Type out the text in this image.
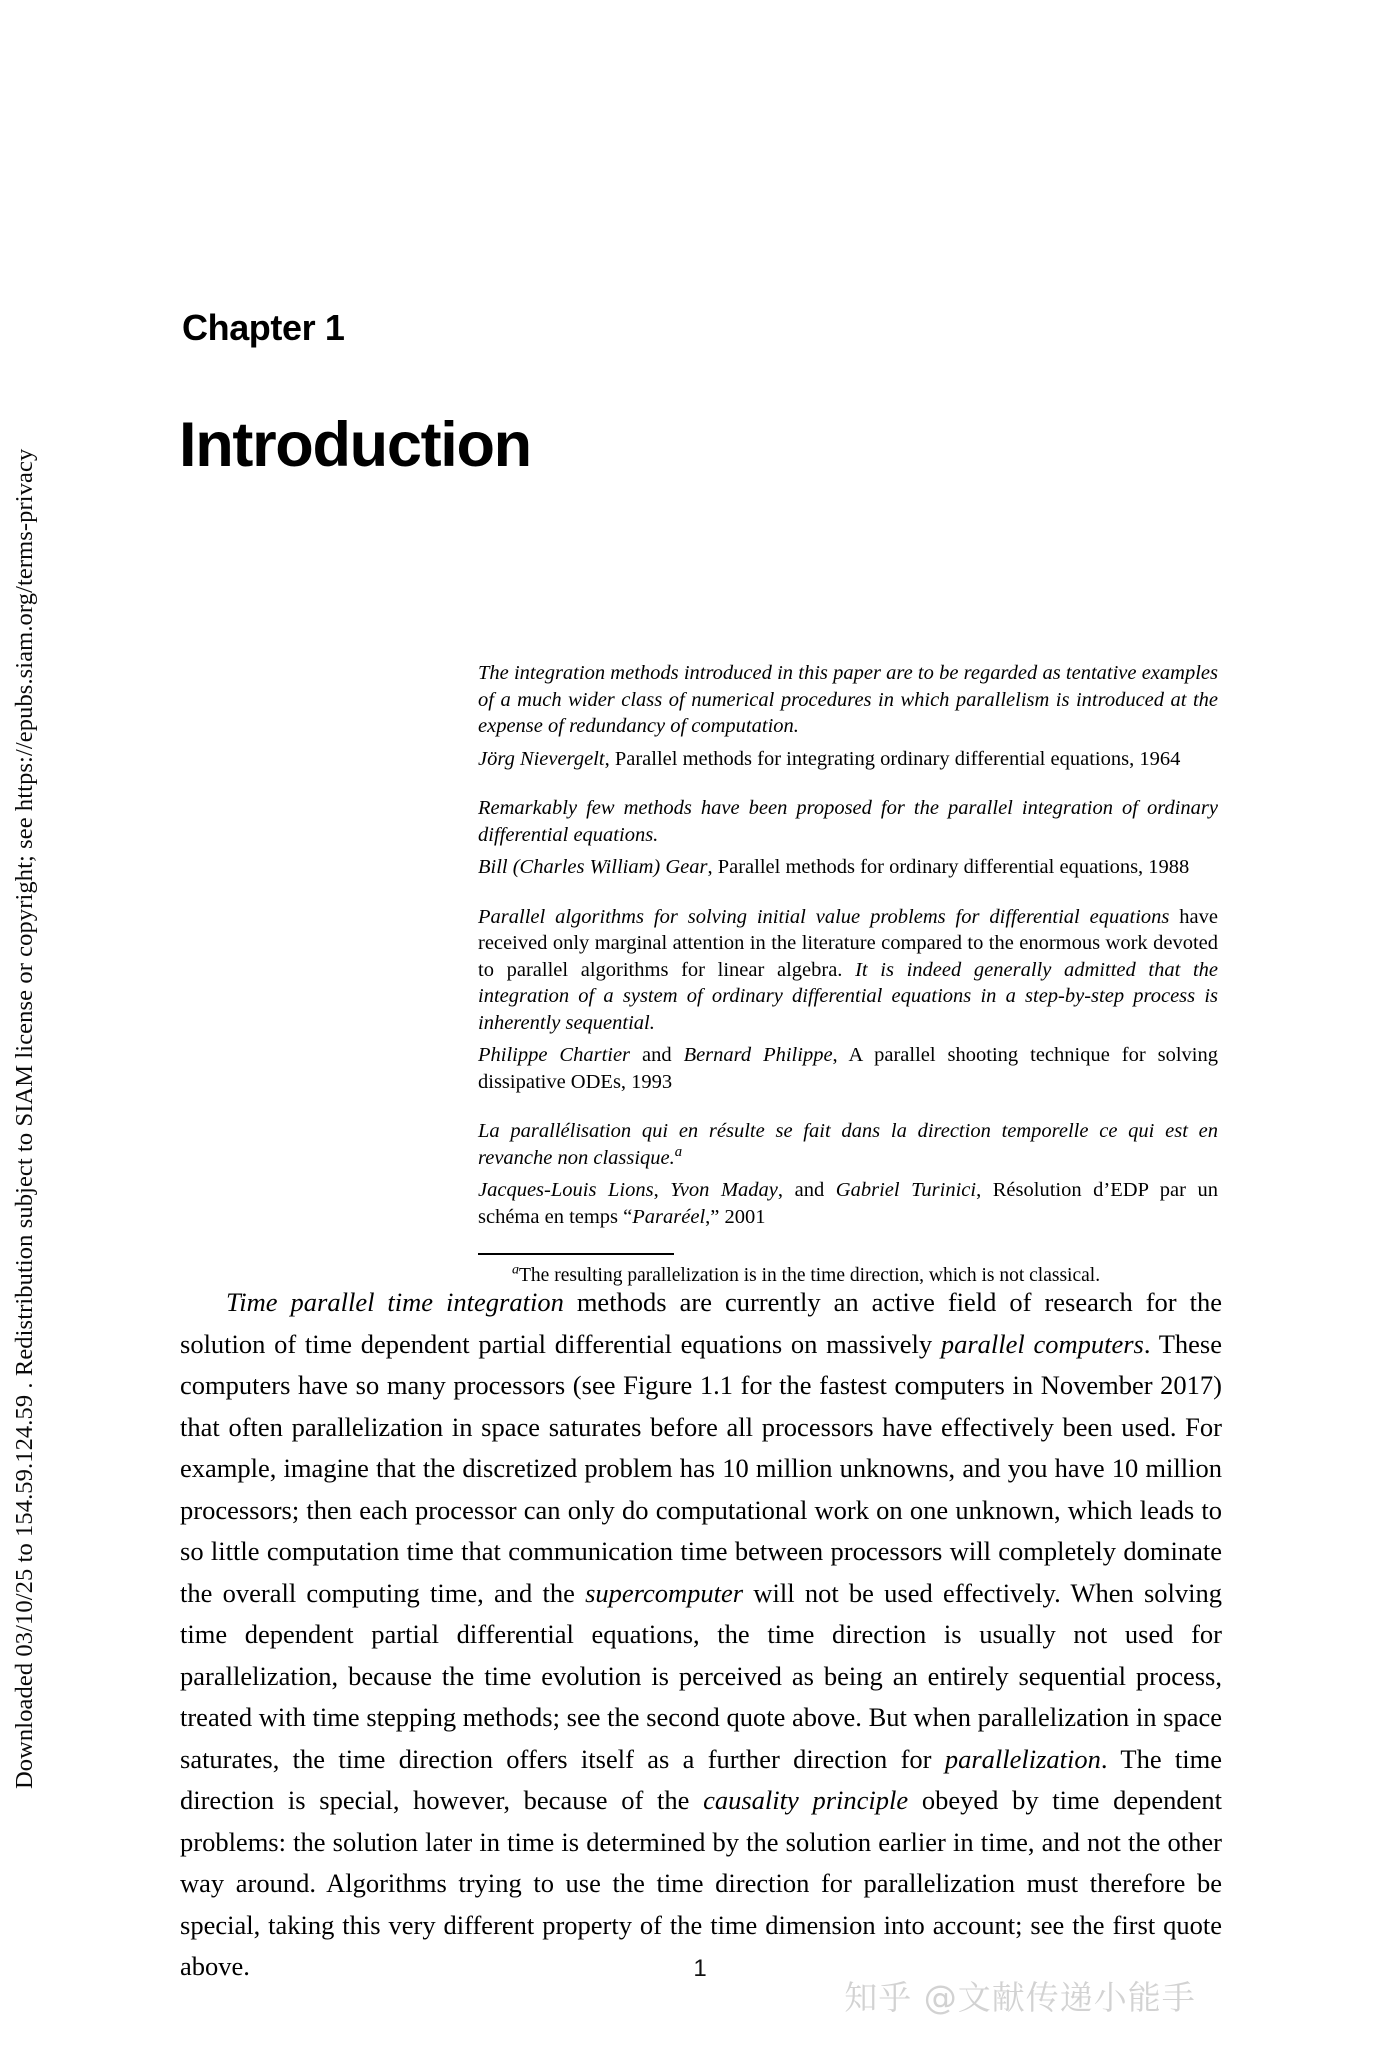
Downloaded 03/10/25 to 154.59.124.59 . Redistribution subject to SIAM license or copyright; see https://epubs.siam.org/terms-privacy
Chapter 1
Introduction

The integration methods introduced in this paper are to be regarded as tentative examples of a much wider class of numerical procedures in which parallelism is introduced at the expense of redundancy of computation.

Jörg Nievergelt, Parallel methods for integrating ordinary differential equations, 1964

Remarkably few methods have been proposed for the parallel integration of ordinary differential equations.

Bill (Charles William) Gear, Parallel methods for ordinary differential equations, 1988

Parallel algorithms for solving initial value problems for differential equations have received only marginal attention in the literature compared to the enormous work devoted to parallel algorithms for linear algebra. It is indeed generally admitted that the integration of a system of ordinary differential equations in a step-by-step process is inherently sequential.

Philippe Chartier and Bernard Philippe, A parallel shooting technique for solving dissipative ODEs, 1993

La parallélisation qui en résulte se fait dans la direction temporelle ce qui est en revanche non classique.$^a$

Jacques-Louis Lions, Yvon Maday, and Gabriel Turinici, Résolution d’EDP par un schéma en temps “Pararéel,” 2001

$^a$The resulting parallelization is in the time direction, which is not classical.

Time parallel time integration methods are currently an active field of research for the solution of time dependent partial differential equations on massively parallel computers. These computers have so many processors (see Figure 1.1 for the fastest computers in November 2017) that often parallelization in space saturates before all processors have effectively been used. For example, imagine that the discretized problem has 10 million unknowns, and you have 10 million processors; then each processor can only do computational work on one unknown, which leads to so little computation time that communication time between processors will completely dominate the overall computing time, and the supercomputer will not be used effectively. When solving time dependent partial differential equations, the time direction is usually not used for parallelization, because the time evolution is perceived as being an entirely sequential process, treated with time stepping methods; see the second quote above. But when parallelization in space saturates, the time direction offers itself as a further direction for parallelization. The time direction is special, however, because of the causality principle obeyed by time dependent problems: the solution later in time is determined by the solution earlier in time, and not the other way around. Algorithms trying to use the time direction for parallelization must therefore be special, taking this very different property of the time dimension into account; see the first quote above.	1
知乎 @文献传递小能手
